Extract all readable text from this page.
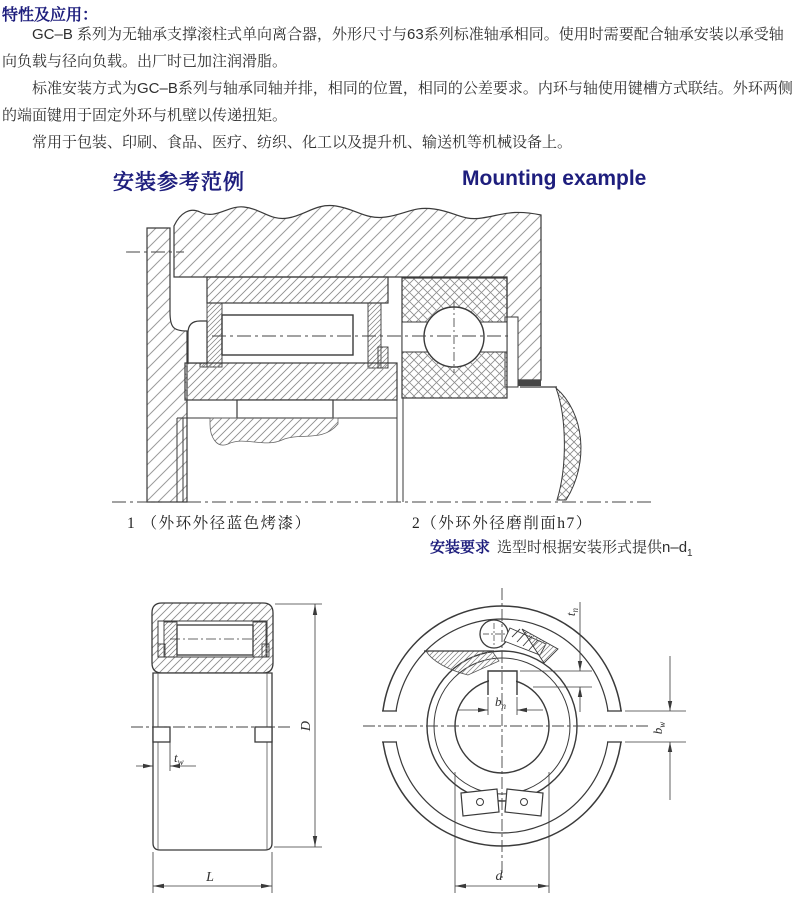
特性及应用：

GC–B 系列为无轴承支撑滚柱式单向离合器，外形尺寸与63系列标准轴承相同。使用时需要配合轴承安装以承受轴向负载与径向负载。出厂时已加注润滑脂。

标准安装方式为GC–B系列与轴承同轴并排，相同的位置，相同的公差要求。内环与轴使用键槽方式联结。外环两侧的端面键用于固定外环与机壁以传递扭矩。

常用于包装、印刷、食品、医疗、纺织、化工以及提升机、输送机等机械设备上。

安装参考范例	Mounting example
1 （外环外径蓝色烤漆）	2（外环外径磨削面h7）
安装要求 选型时根据安装形式提供$n-d_1$
$t_w$
D
L	d
$b_n$
$t_n$
$b_w$
